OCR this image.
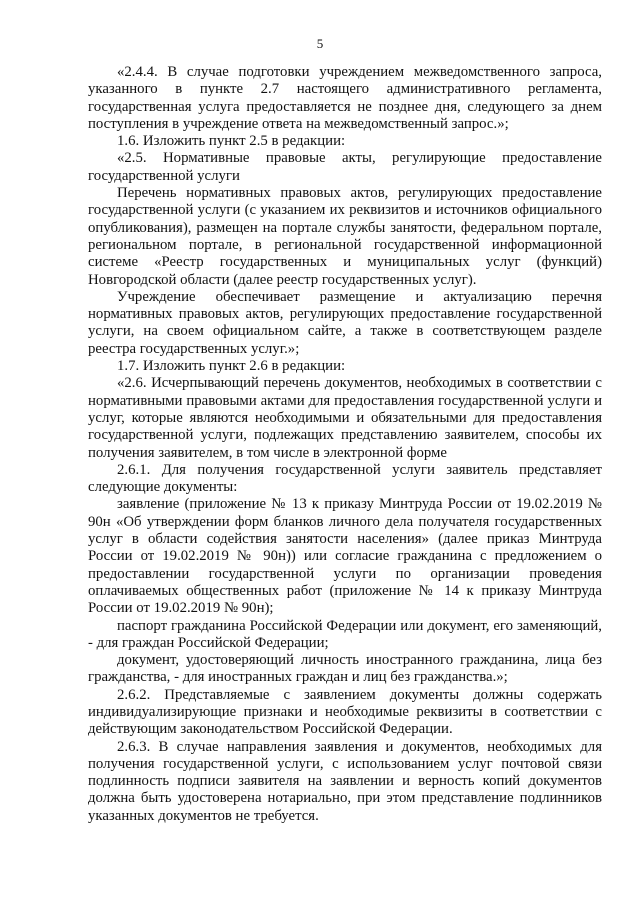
5

«2.4.4. В случае подготовки учреждением межведомственного запроса, указанного в пункте 2.7 настоящего административного регламента, государственная услуга предоставляется не позднее дня, следующего за днем поступления в учреждение ответа на межведомственный запрос.»;

1.6. Изложить пункт 2.5 в редакции:

«2.5. Нормативные правовые акты, регулирующие предоставление государственной услуги

Перечень нормативных правовых актов, регулирующих предоставление государственной услуги (с указанием их реквизитов и источников официального опубликования), размещен на портале службы занятости, федеральном портале, региональном портале, в региональной государственной информационной системе «Реестр государственных и муниципальных услуг (функций) Новгородской области (далее реестр государственных услуг).

Учреждение обеспечивает размещение и актуализацию перечня нормативных правовых актов, регулирующих предоставление государственной услуги, на своем официальном сайте, а также в соответствующем разделе реестра государственных услуг.»;

1.7. Изложить пункт 2.6 в редакции:

«2.6. Исчерпывающий перечень документов, необходимых в соответствии с нормативными правовыми актами для предоставления государственной услуги и услуг, которые являются необходимыми и обязательными для предоставления государственной услуги, подлежащих представлению заявителем, способы их получения заявителем, в том числе в электронной форме

2.6.1. Для получения государственной услуги заявитель представляет следующие документы:

заявление (приложение № 13 к приказу Минтруда России от 19.02.2019 № 90н «Об утверждении форм бланков личного дела получателя государственных услуг в области содействия занятости населения» (далее приказ Минтруда России от 19.02.2019 № 90н)) или согласие гражданина с предложением о предоставлении государственной услуги по организации проведения оплачиваемых общественных работ (приложение № 14 к приказу Минтруда России от 19.02.2019 № 90н);

паспорт гражданина Российской Федерации или документ, его заменяющий, - для граждан Российской Федерации;

документ, удостоверяющий личность иностранного гражданина, лица без гражданства, - для иностранных граждан и лиц без гражданства.»;

2.6.2. Представляемые с заявлением документы должны содержать индивидуализирующие признаки и необходимые реквизиты в соответствии с действующим законодательством Российской Федерации.

2.6.3. В случае направления заявления и документов, необходимых для получения государственной услуги, с использованием услуг почтовой связи подлинность подписи заявителя на заявлении и верность копий документов должна быть удостоверена нотариально, при этом представление подлинников указанных документов не требуется.
